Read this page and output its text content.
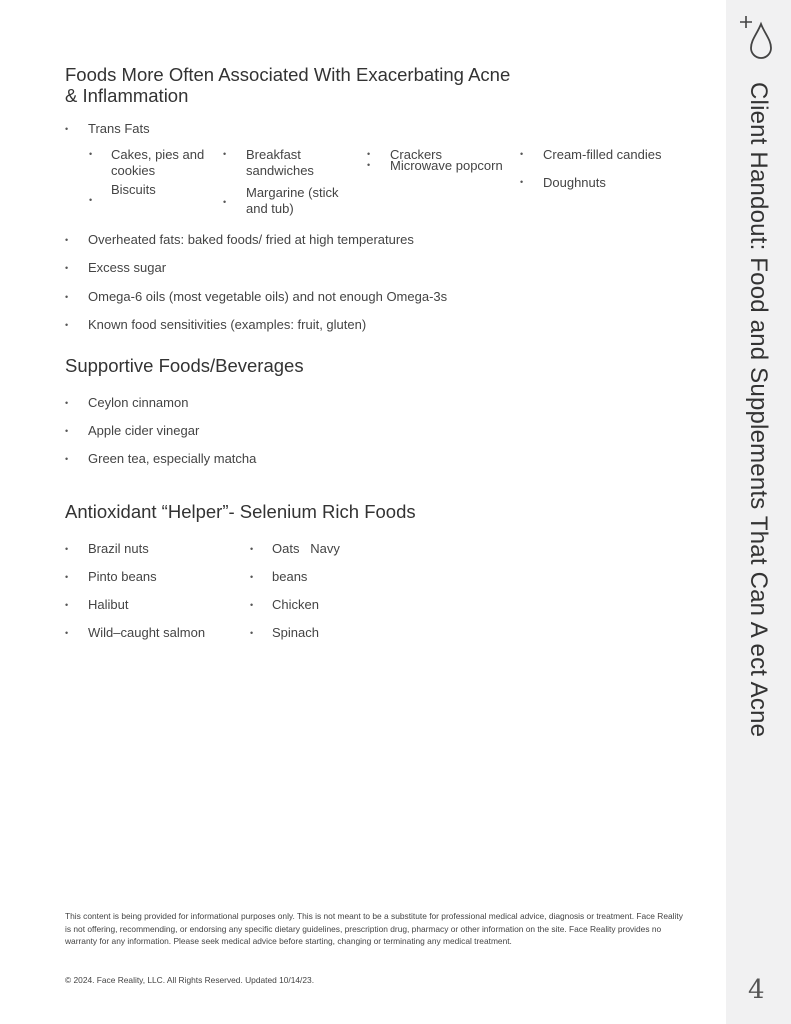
Client Handout: Food and Supplements That Can A ect Acne
4
Foods More Often Associated With Exacerbating Acne
& Inflammation
• Trans Fats
• Cakes, pies and
cookies
•
Biscuits
• Breakfast
sandwiches
•
Margarine (stick
and tub)
• Crackers
• Microwave popcorn
• Cream-filled candies
• Doughnuts
• Overheated fats: baked foods/ fried at high temperatures
• Excess sugar
• Omega-6 oils (most vegetable oils) and not enough Omega-3s
• Known food sensitivities (examples: fruit, gluten)
Supportive Foods/Beverages
• Ceylon cinnamon
• Apple cider vinegar
• Green tea, especially matcha
Antioxidant “Helper”- Selenium Rich Foods
• Brazil nuts
• Pinto beans
• Halibut
• Wild–caught salmon
• Oats   Navy
• beans
• Chicken
• Spinach
This content is being provided for informational purposes only. This is not meant to be a substitute for professional medical advice, diagnosis or treatment. Face Reality is not offering, recommending, or endorsing any specific dietary guidelines, prescription drug, pharmacy or other information on the site. Face Reality provides no warranty for any information. Please seek medical advice before starting, changing or terminating any medical treatment.
© 2024. Face Reality, LLC. All Rights Reserved. Updated 10/14/23.
